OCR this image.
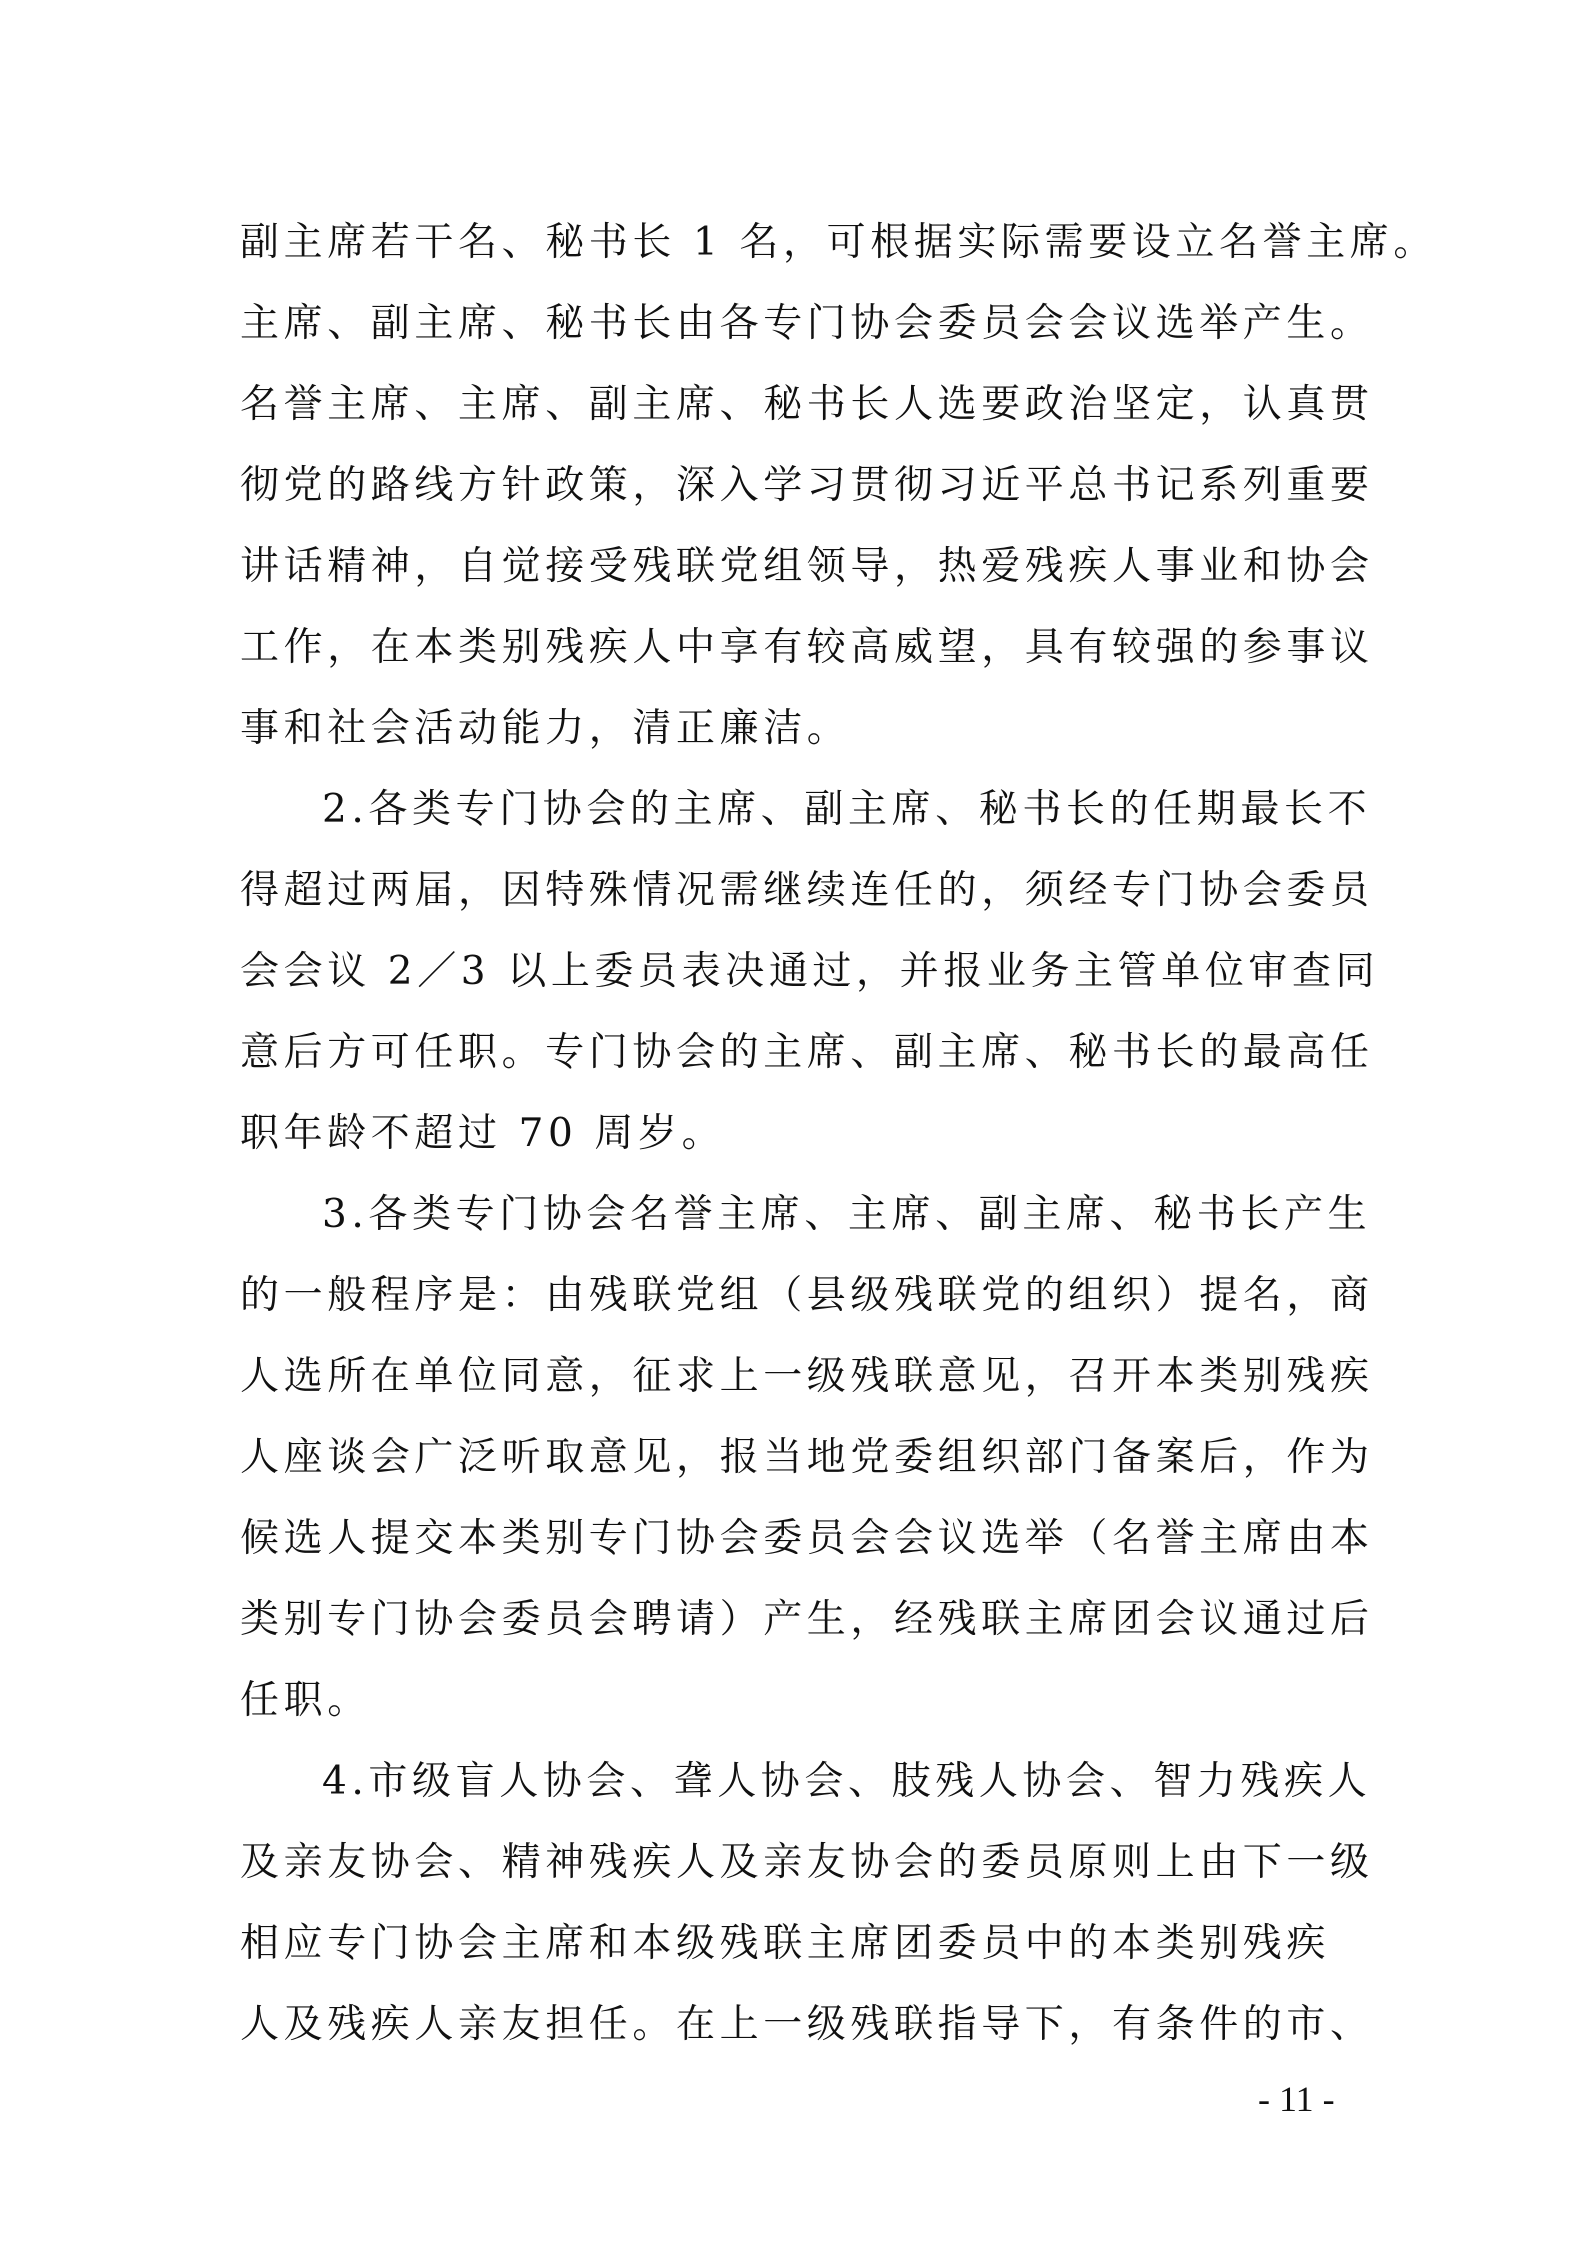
副主席若干名、秘书长 1 名，可根据实际需要设立名誉主席。
主席、副主席、秘书长由各专门协会委员会会议选举产生。
名誉主席、主席、副主席、秘书长人选要政治坚定，认真贯
彻党的路线方针政策，深入学习贯彻习近平总书记系列重要
讲话精神，自觉接受残联党组领导，热爱残疾人事业和协会
工作，在本类别残疾人中享有较高威望，具有较强的参事议
事和社会活动能力，清正廉洁。
2.各类专门协会的主席、副主席、秘书长的任期最长不
得超过两届，因特殊情况需继续连任的，须经专门协会委员
会会议 2／3 以上委员表决通过，并报业务主管单位审查同
意后方可任职。专门协会的主席、副主席、秘书长的最高任
职年龄不超过 70 周岁。
3.各类专门协会名誉主席、主席、副主席、秘书长产生
的一般程序是：由残联党组（县级残联党的组织）提名，商
人选所在单位同意，征求上一级残联意见，召开本类别残疾
人座谈会广泛听取意见，报当地党委组织部门备案后，作为
候选人提交本类别专门协会委员会会议选举（名誉主席由本
类别专门协会委员会聘请）产生，经残联主席团会议通过后
任职。
4.市级盲人协会、聋人协会、肢残人协会、智力残疾人
及亲友协会、精神残疾人及亲友协会的委员原则上由下一级
相应专门协会主席和本级残联主席团委员中的本类别残疾
人及残疾人亲友担任。在上一级残联指导下，有条件的市、
- 11 -
